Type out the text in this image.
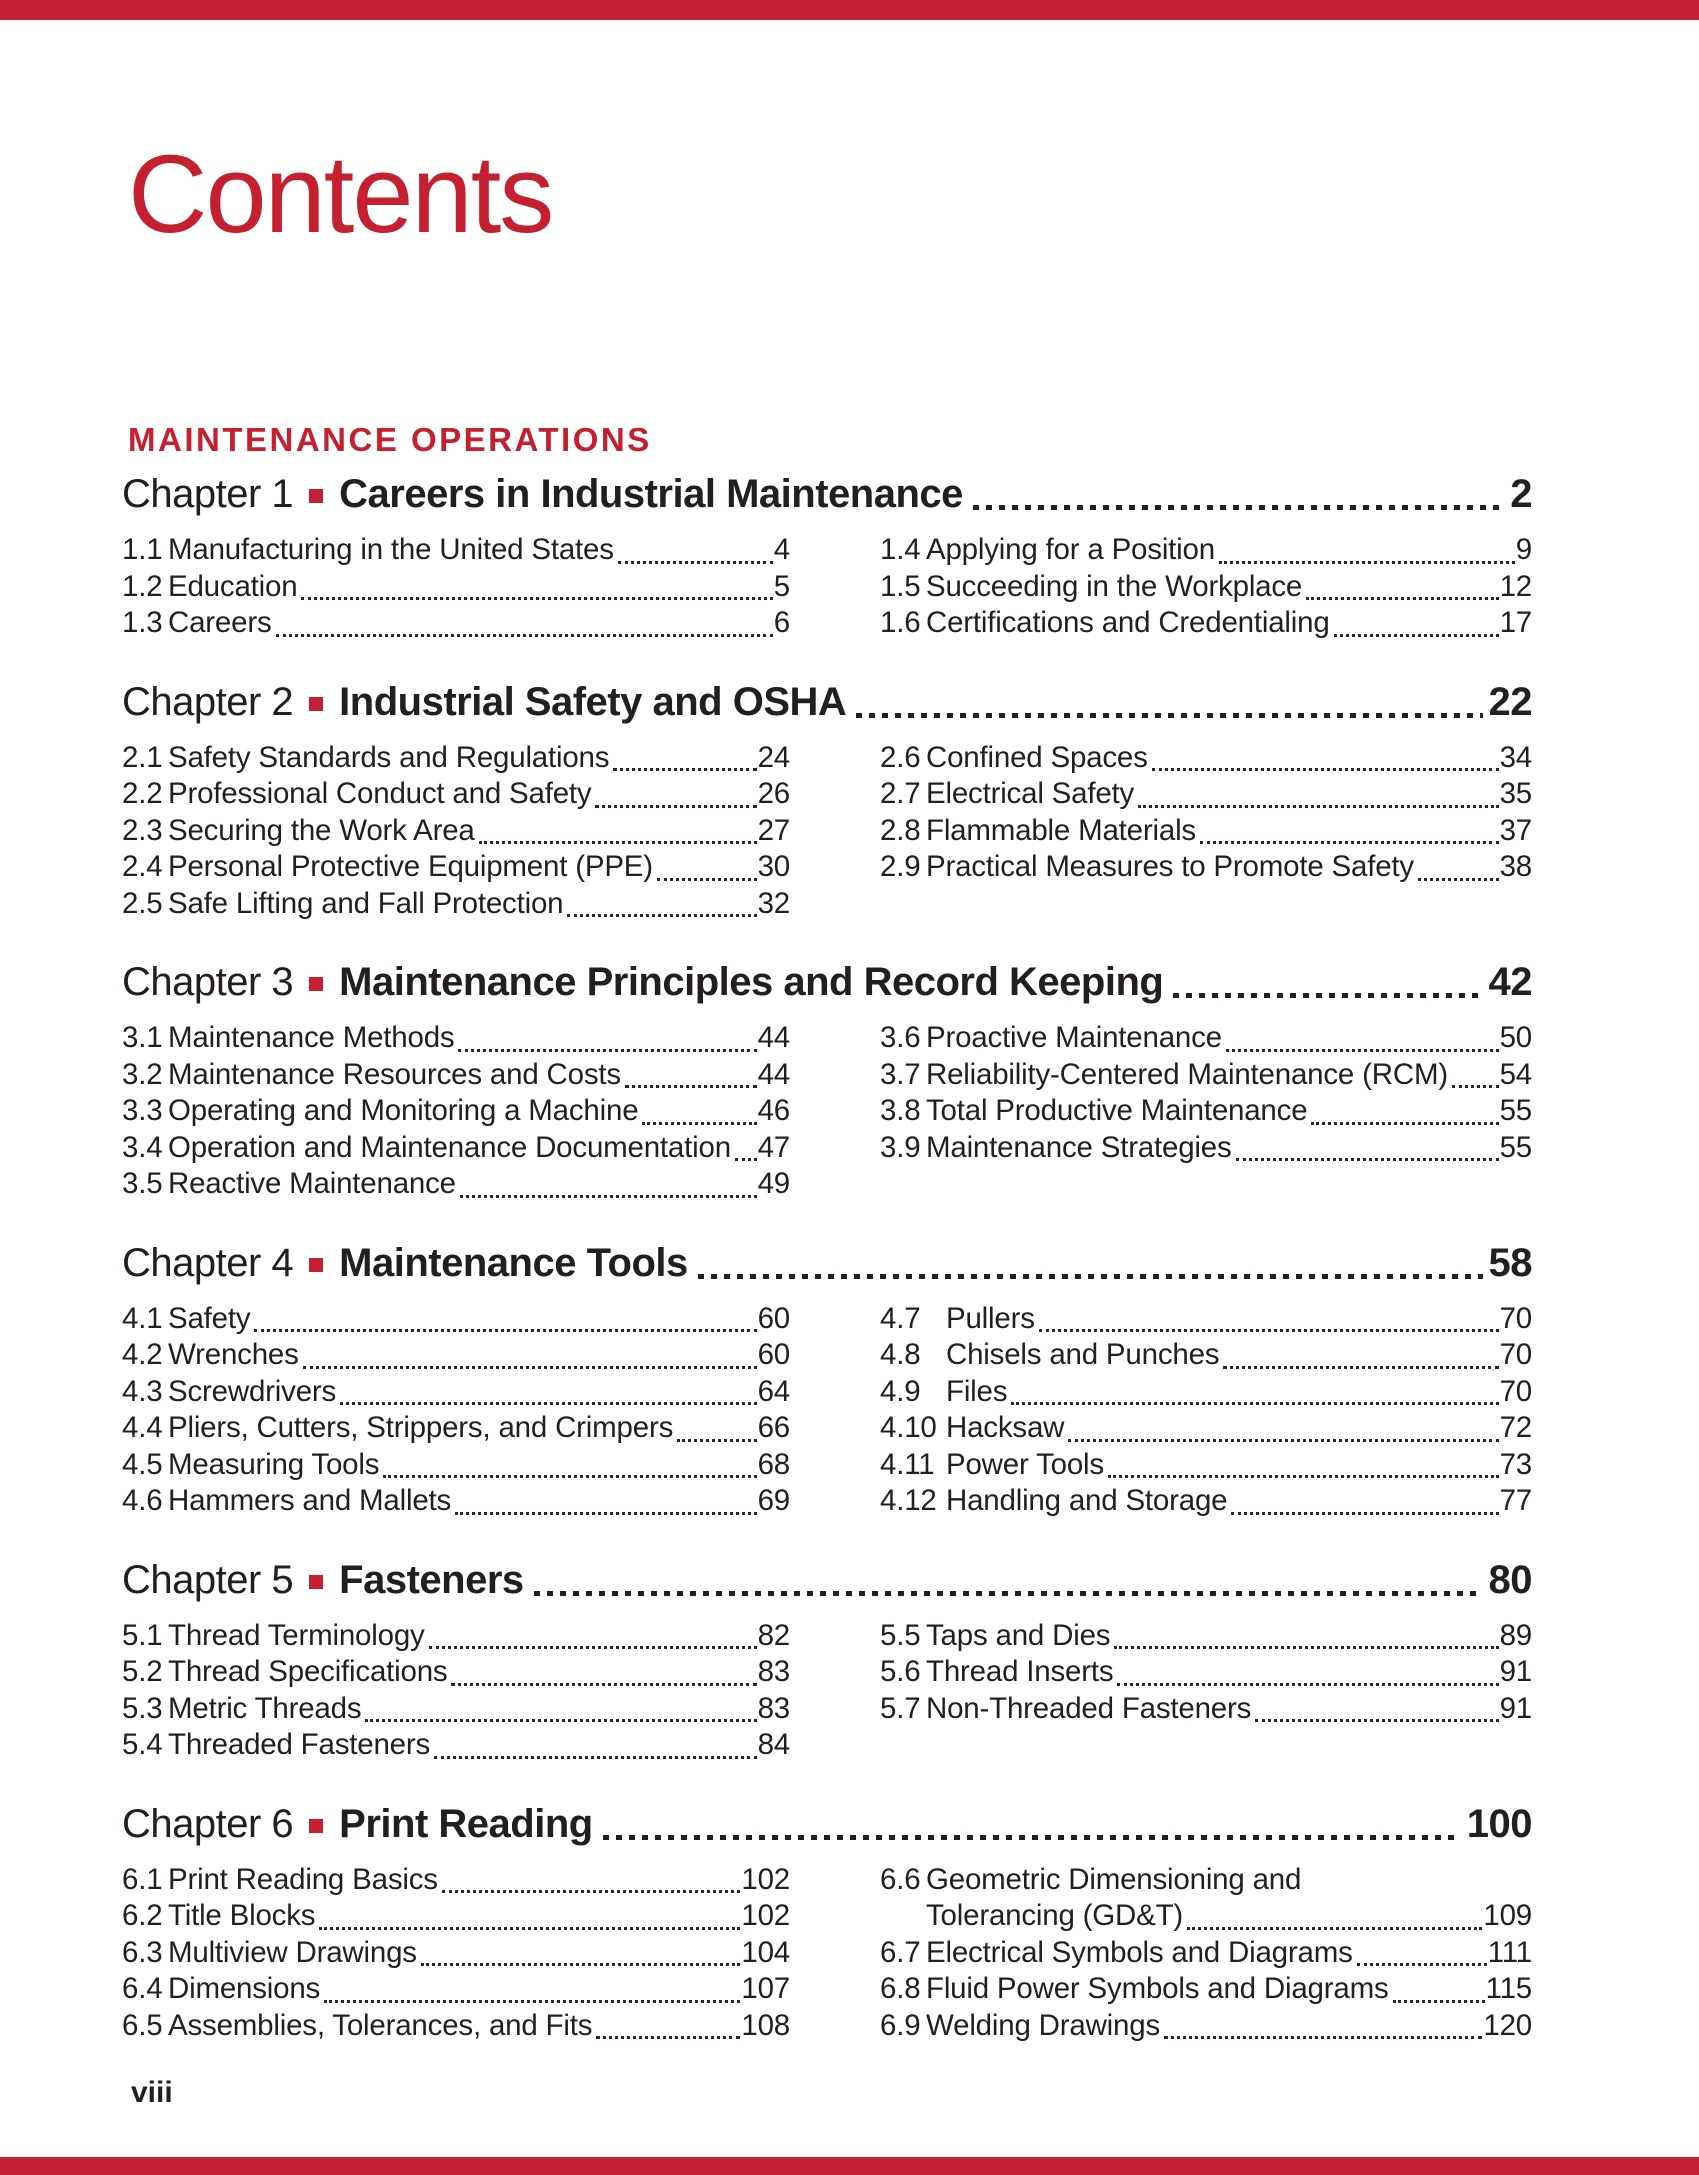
Contents
MAINTENANCE OPERATIONS
Chapter 1 Careers in Industrial Maintenance	2
1.1 Manufacturing in the United States	4
1.2 Education	5
1.3 Careers	6
1.4 Applying for a Position	9
1.5 Succeeding in the Workplace	12
1.6 Certifications and Credentialing	17
Chapter 2 Industrial Safety and OSHA	22
2.1 Safety Standards and Regulations	24
2.2 Professional Conduct and Safety	26
2.3 Securing the Work Area	27
2.4 Personal Protective Equipment (PPE)	30
2.5 Safe Lifting and Fall Protection	32
2.6 Confined Spaces	34
2.7 Electrical Safety	35
2.8 Flammable Materials	37
2.9 Practical Measures to Promote Safety	38
Chapter 3 Maintenance Principles and Record Keeping	42
3.1 Maintenance Methods	44
3.2 Maintenance Resources and Costs	44
3.3 Operating and Monitoring a Machine	46
3.4 Operation and Maintenance Documentation 47
3.5 Reactive Maintenance	49
3.6 Proactive Maintenance	50
3.7 Reliability-Centered Maintenance (RCM) 54
3.8 Total Productive Maintenance	55
3.9 Maintenance Strategies	55
Chapter 4 Maintenance Tools	58
4.1 Safety	60
4.2 Wrenches	60
4.3 Screwdrivers	64
4.4 Pliers, Cutters, Strippers, and Crimpers	66
4.5 Measuring Tools	68
4.6 Hammers and Mallets	69
4.7 Pullers	70
4.8 Chisels and Punches	70
4.9 Files	70
4.10 Hacksaw	72
4.11 Power Tools	73
4.12 Handling and Storage	77
Chapter 5 Fasteners	80
5.1 Thread Terminology	82
5.2 Thread Specifications	83
5.3 Metric Threads	83
5.4 Threaded Fasteners	84
5.5 Taps and Dies	89
5.6 Thread Inserts	91
5.7 Non-Threaded Fasteners	91
Chapter 6 Print Reading	100
6.1 Print Reading Basics	102
6.2 Title Blocks	102
6.3 Multiview Drawings	104
6.4 Dimensions	107
6.5 Assemblies, Tolerances, and Fits	108
6.6 Geometric Dimensioning and
Tolerancing (GD&T)	109
6.7 Electrical Symbols and Diagrams	111
6.8 Fluid Power Symbols and Diagrams	115
6.9 Welding Drawings	120
viii
